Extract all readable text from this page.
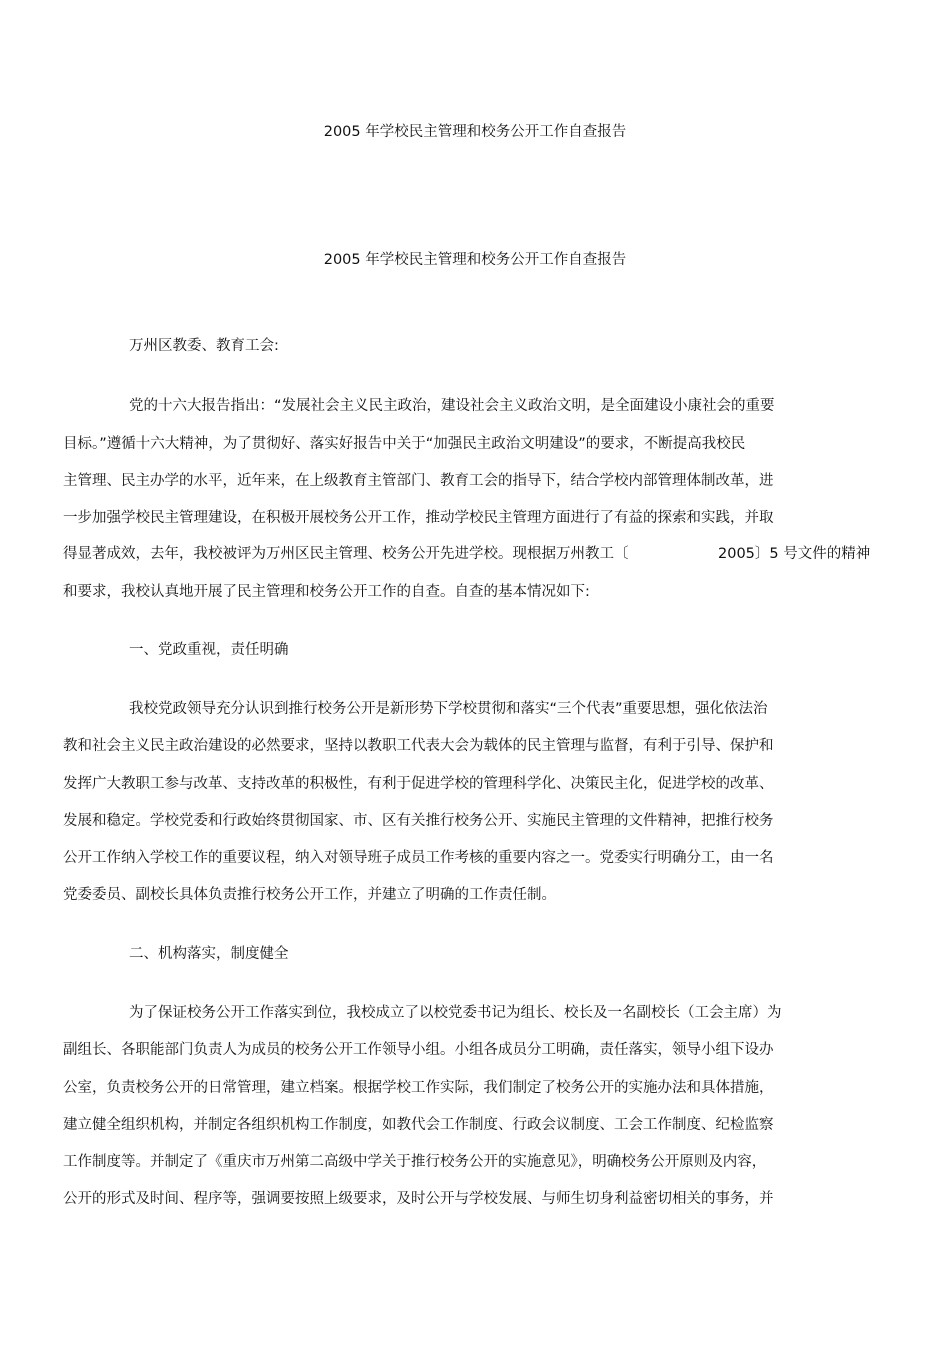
2005 年学校民主管理和校务公开工作自查报告
2005 年学校民主管理和校务公开工作自查报告
万州区教委、教育工会:
党的十六大报告指出：“发展社会主义民主政治，建设社会主义政治文明，是全面建设小康社会的重要
目标。”遵循十六大精神，为了贯彻好、落实好报告中关于“加强民主政治文明建设”的要求，不断提高我校民
主管理、民主办学的水平，近年来，在上级教育主管部门、教育工会的指导下，结合学校内部管理体制改革，进
一步加强学校民主管理建设，在积极开展校务公开工作，推动学校民主管理方面进行了有益的探索和实践，并取
得显著成效，去年，我校被评为万州区民主管理、校务公开先进学校。现根据万州教工〔	2005〕5 号文件的精神
和要求，我校认真地开展了民主管理和校务公开工作的自查。自查的基本情况如下:
一、党政重视，责任明确
我校党政领导充分认识到推行校务公开是新形势下学校贯彻和落实“三个代表”重要思想，强化依法治
教和社会主义民主政治建设的必然要求，坚持以教职工代表大会为载体的民主管理与监督，有利于引导、保护和
发挥广大教职工参与改革、支持改革的积极性，有利于促进学校的管理科学化、决策民主化，促进学校的改革、
发展和稳定。学校党委和行政始终贯彻国家、市、区有关推行校务公开、实施民主管理的文件精神，把推行校务
公开工作纳入学校工作的重要议程，纳入对领导班子成员工作考核的重要内容之一。党委实行明确分工，由一名
党委委员、副校长具体负责推行校务公开工作，并建立了明确的工作责任制。
二、机构落实，制度健全
为了保证校务公开工作落实到位，我校成立了以校党委书记为组长、校长及一名副校长（工会主席）为
副组长、各职能部门负责人为成员的校务公开工作领导小组。小组各成员分工明确，责任落实，领导小组下设办
公室，负责校务公开的日常管理，建立档案。根据学校工作实际，我们制定了校务公开的实施办法和具体措施，
建立健全组织机构，并制定各组织机构工作制度，如教代会工作制度、行政会议制度、工会工作制度、纪检监察
工作制度等。并制定了《重庆市万州第二高级中学关于推行校务公开的实施意见》，明确校务公开原则及内容，
公开的形式及时间、程序等，强调要按照上级要求，及时公开与学校发展、与师生切身利益密切相关的事务，并
